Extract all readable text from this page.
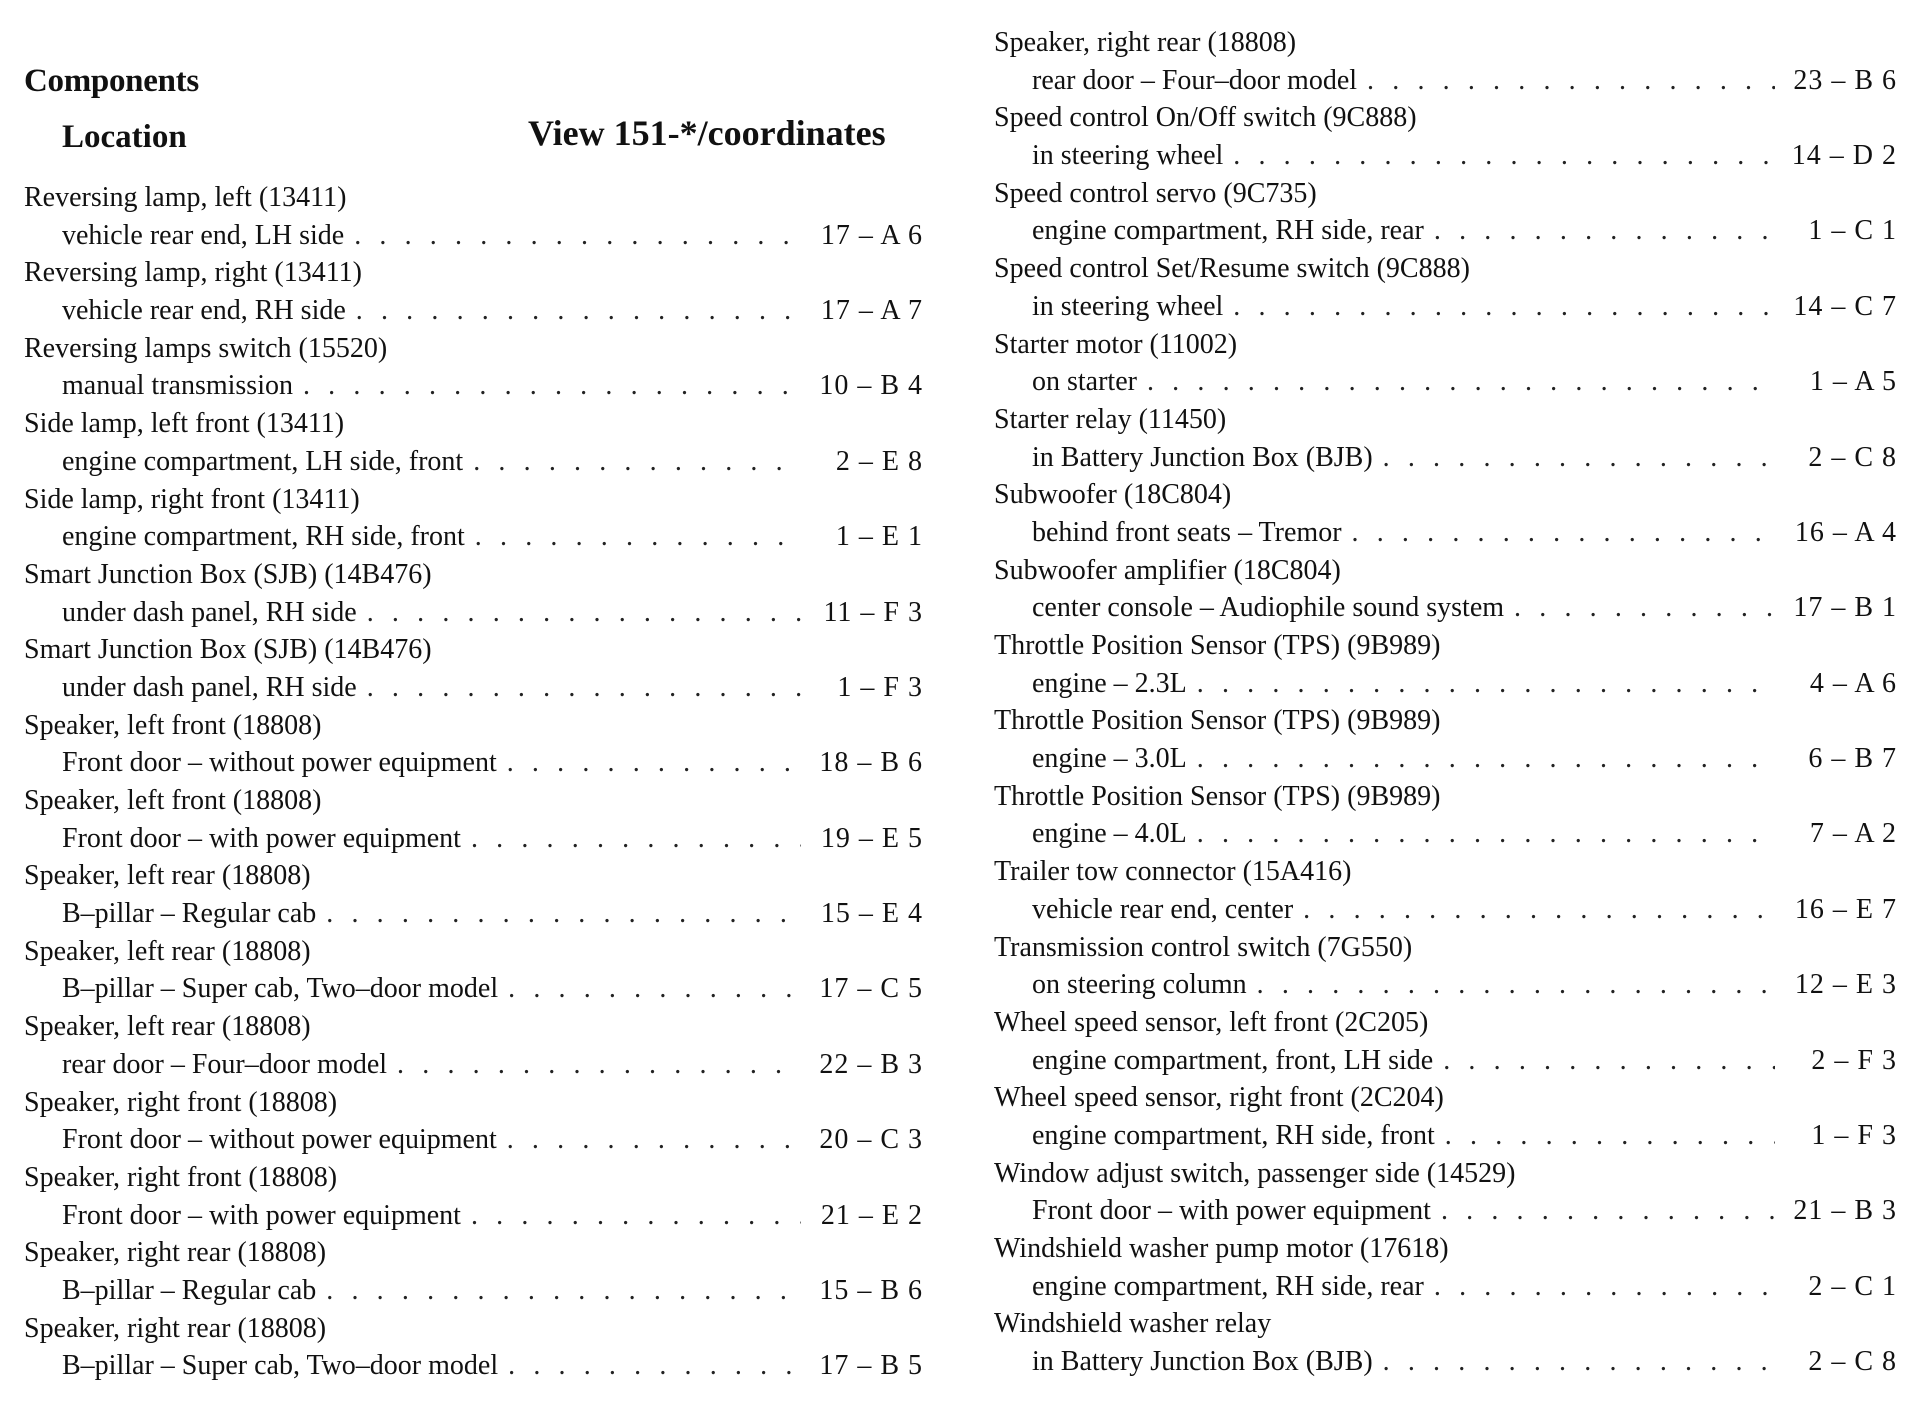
Components
Location	View 151-*/coordinates
Reversing lamp, left (13411)
vehicle rear end, LH side . . .	17 – A 6
Reversing lamp, right (13411)
vehicle rear end, RH side . . .	17 – A 7
Reversing lamps switch (15520)
manual transmission . . .	10 – B 4
Side lamp, left front (13411)
engine compartment, LH side, front . . .	2 – E 8
Side lamp, right front (13411)
engine compartment, RH side, front . . .	1 – E 1
Smart Junction Box (SJB) (14B476)
under dash panel, RH side . . .	11 – F 3
Smart Junction Box (SJB) (14B476)
under dash panel, RH side . . .	1 – F 3
Speaker, left front (18808)
Front door – without power equipment . . .	18 – B 6
Speaker, left front (18808)
Front door – with power equipment . . .	19 – E 5
Speaker, left rear (18808)
B–pillar – Regular cab . . .	15 – E 4
Speaker, left rear (18808)
B–pillar – Super cab, Two–door model . . .	17 – C 5
Speaker, left rear (18808)
rear door – Four–door model . . .	22 – B 3
Speaker, right front (18808)
Front door – without power equipment . . .	20 – C 3
Speaker, right front (18808)
Front door – with power equipment . . .	21 – E 2
Speaker, right rear (18808)
B–pillar – Regular cab . . .	15 – B 6
Speaker, right rear (18808)
B–pillar – Super cab, Two–door model . . .	17 – B 5
Speaker, right rear (18808)
rear door – Four–door model . . .	23 – B 6
Speed control On/Off switch (9C888)
in steering wheel . . .	14 – D 2
Speed control servo (9C735)
engine compartment, RH side, rear . . .	1 – C 1
Speed control Set/Resume switch (9C888)
in steering wheel . . .	14 – C 7
Starter motor (11002)
on starter . . .	1 – A 5
Starter relay (11450)
in Battery Junction Box (BJB) . . .	2 – C 8
Subwoofer (18C804)
behind front seats – Tremor . . .	16 – A 4
Subwoofer amplifier (18C804)
center console – Audiophile sound system . . .	17 – B 1
Throttle Position Sensor (TPS) (9B989)
engine – 2.3L . . .	4 – A 6
Throttle Position Sensor (TPS) (9B989)
engine – 3.0L . . .	6 – B 7
Throttle Position Sensor (TPS) (9B989)
engine – 4.0L . . .	7 – A 2
Trailer tow connector (15A416)
vehicle rear end, center . . .	16 – E 7
Transmission control switch (7G550)
on steering column . . .	12 – E 3
Wheel speed sensor, left front (2C205)
engine compartment, front, LH side . . .	2 – F 3
Wheel speed sensor, right front (2C204)
engine compartment, RH side, front . . .	1 – F 3
Window adjust switch, passenger side (14529)
Front door – with power equipment . . .	21 – B 3
Windshield washer pump motor (17618)
engine compartment, RH side, rear . . .	2 – C 1
Windshield washer relay
in Battery Junction Box (BJB) . . .	2 – C 8
